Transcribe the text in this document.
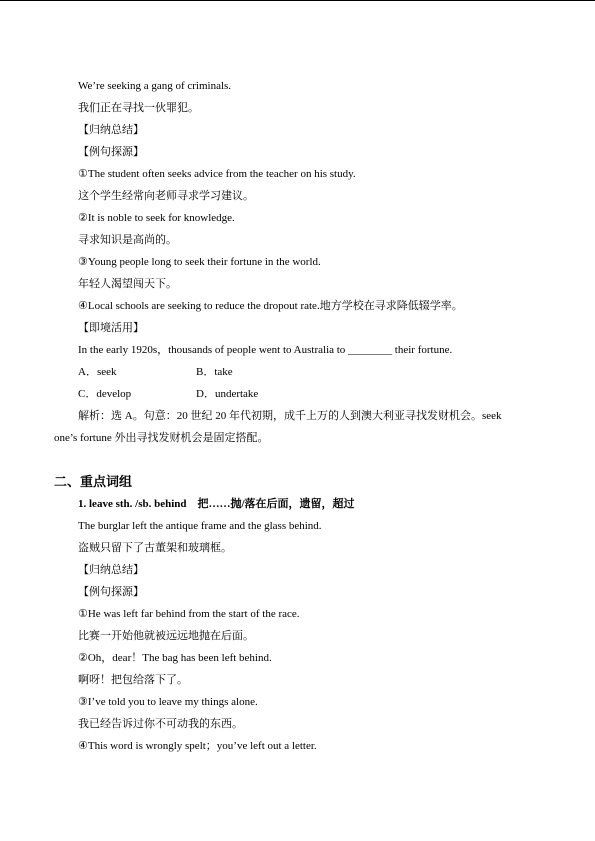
We’re seeking a gang of criminals.
我们正在寻找一伙罪犯。
【归纳总结】
【例句探源】
①The student often seeks advice from the teacher on his study.
这个学生经常向老师寻求学习建议。
②It is noble to seek for knowledge.
寻求知识是高尚的。
③Young people long to seek their fortune in the world.
年轻人渴望闯天下。
④Local schools are seeking to reduce the dropout rate.地方学校在寻求降低辍学率。
【即境活用】
In the early 1920s，thousands of people went to Australia to ________ their fortune.
A．seek	B．take
C．develop	D．undertake
解析：选 A。句意：20 世纪 20 年代初期，成千上万的人到澳大利亚寻找发财机会。seek
one’s fortune 外出寻找发财机会是固定搭配。
二、重点词组
1. leave sth. /sb. behind　把……抛/落在后面，遗留，超过
The burglar left the antique frame and the glass behind.
盗贼只留下了古董架和玻璃框。
【归纳总结】
【例句探源】
①He was left far behind from the start of the race.
比赛一开始他就被远远地抛在后面。
②Oh，dear！The bag has been left behind.
啊呀！把包给落下了。
③I’ve told you to leave my things alone.
我已经告诉过你不可动我的东西。
④This word is wrongly spelt；you’ve left out a letter.
